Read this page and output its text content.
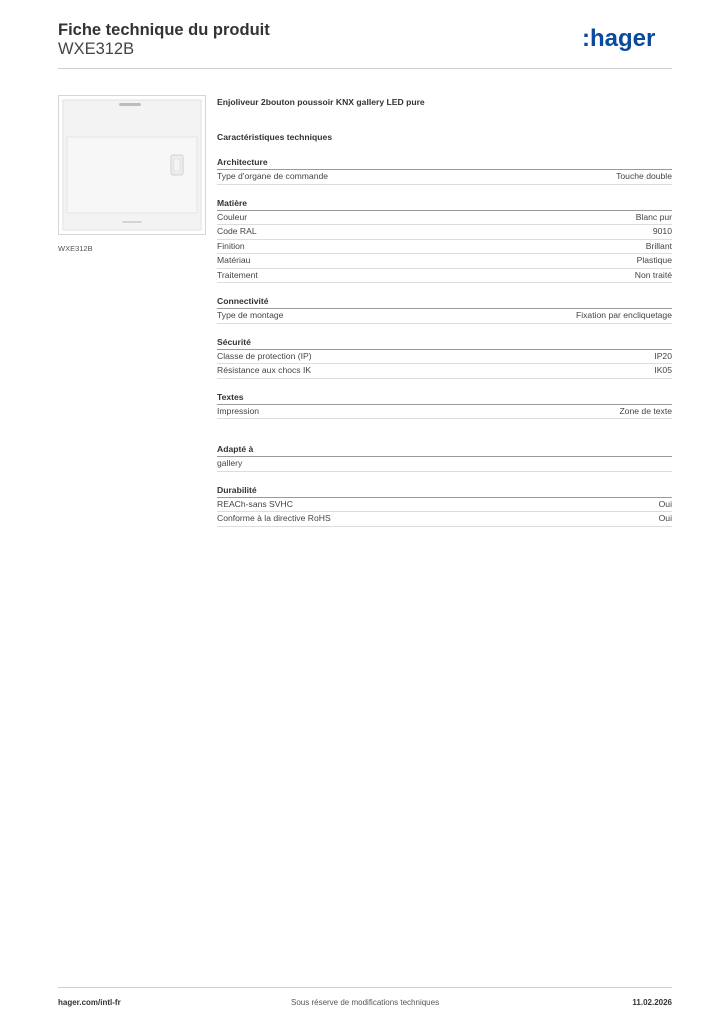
Fiche technique du produit
WXE312B	:hager
WXE312B
Enjoliveur 2bouton poussoir KNX gallery LED pure
Caractéristiques techniques
Architecture
Type d'organe de commande	Touche double
Matière
Couleur	Blanc pur
Code RAL	9010
Finition	Brillant
Matériau	Plastique
Traitement	Non traité
Connectivité
Type de montage	Fixation par encliquetage
Sécurité
Classe de protection (IP)	IP20
Résistance aux chocs IK	IK05
Textes
Impression	Zone de texte
Adapté à
gallery
Durabilité
REACh-sans SVHC	Oui
Conforme à la directive RoHS	Oui
hager.com/intl-fr	Sous réserve de modifications techniques	11.02.2026
